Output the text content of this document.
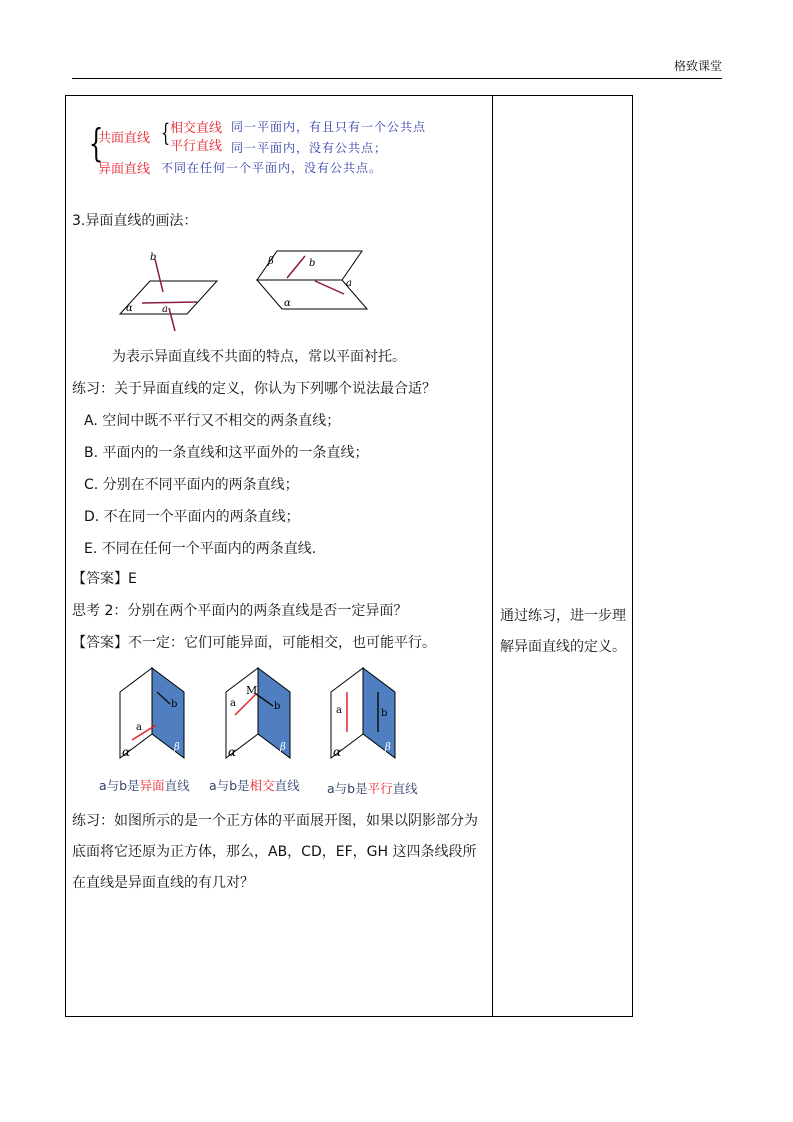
格致课堂
{
共面直线 { 相交直线 同一平面内，有且只有一个公共点
平行直线 同一平面内，没有公共点；
异面直线 不同在任何一个平面内，没有公共点。
3.异面直线的画法：
b
a
α
β	b
a
α
为表示异面直线不共面的特点，常以平面衬托。
练习：关于异面直线的定义，你认为下列哪个说法最合适？
A. 空间中既不平行又不相交的两条直线；
B. 平面内的一条直线和这平面外的一条直线；
C. 分别在不同平面内的两条直线；
D. 不在同一个平面内的两条直线；
E. 不同在任何一个平面内的两条直线.
【答案】E
思考 2：分别在两个平面内的两条直线是否一定异面？
【答案】不一定：它们可能异面，可能相交，也可能平行。
b
a
α	β
M
a	b
α	β
a	b
α	β
a与b是异面直线 a与b是相交直线 a与b是平行直线
练习：如图所示的是一个正方体的平面展开图，如果以阴影部分为底面将它还原为正方体，那么，AB，CD，EF，GH 这四条线段所在直线是异面直线的有几对？
通过练习，进一步理解异面直线的定义。
